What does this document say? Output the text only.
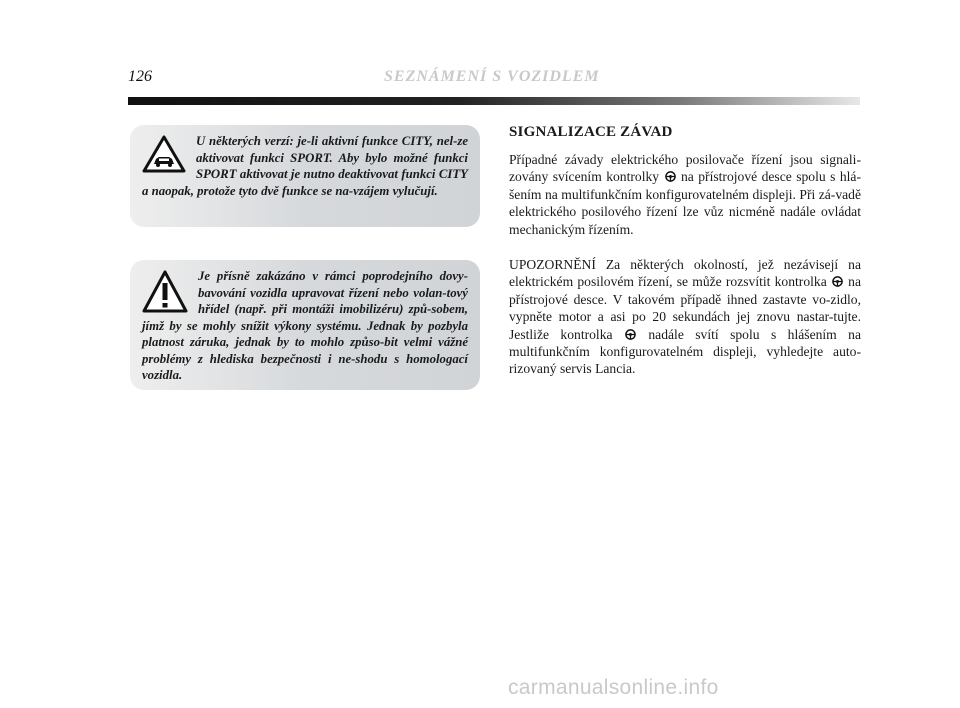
126	SEZNÁMENÍ S VOZIDLEM
U některých verzí: je-li aktivní funkce CITY, nel-ze aktivovat funkci SPORT. Aby bylo možné funkci SPORT aktivovat je nutno deaktivovat funkci CITY a naopak, protože tyto dvě funkce se na-vzájem vylučují.
Je přísně zakázáno v rámci poprodejního dovy-bavování vozidla upravovat řízení nebo volan-tový hřídel (např. při montáži imobilizéru) způ-sobem, jímž by se mohly snížit výkony systému. Jednak by pozbyla platnost záruka, jednak by to mohlo způso-bit velmi vážné problémy z hlediska bezpečnosti i ne-shodu s homologací vozidla.
SIGNALIZACE ZÁVAD

Případné závady elektrického posilovače řízení jsou signali-zovány svícením kontrolky na přístrojové desce spolu s hlá-šením na multifunkčním konfigurovatelném displeji. Při zá-vadě elektrického posilového řízení lze vůz nicméně nadále ovládat mechanickým řízením.

UPOZORNĚNÍ Za některých okolností, jež nezávisejí na elektrickém posilovém řízení, se může rozsvítit kontrolka na přístrojové desce. V takovém případě ihned zastavte vo-zidlo, vypněte motor a asi po 20 sekundách jej znovu nastar-tujte. Jestliže kontrolka	nadále svítí spolu s hlášením na multifunkčním konfigurovatelném displeji, vyhledejte auto-rizovaný servis Lancia.

carmanualsonline.info
